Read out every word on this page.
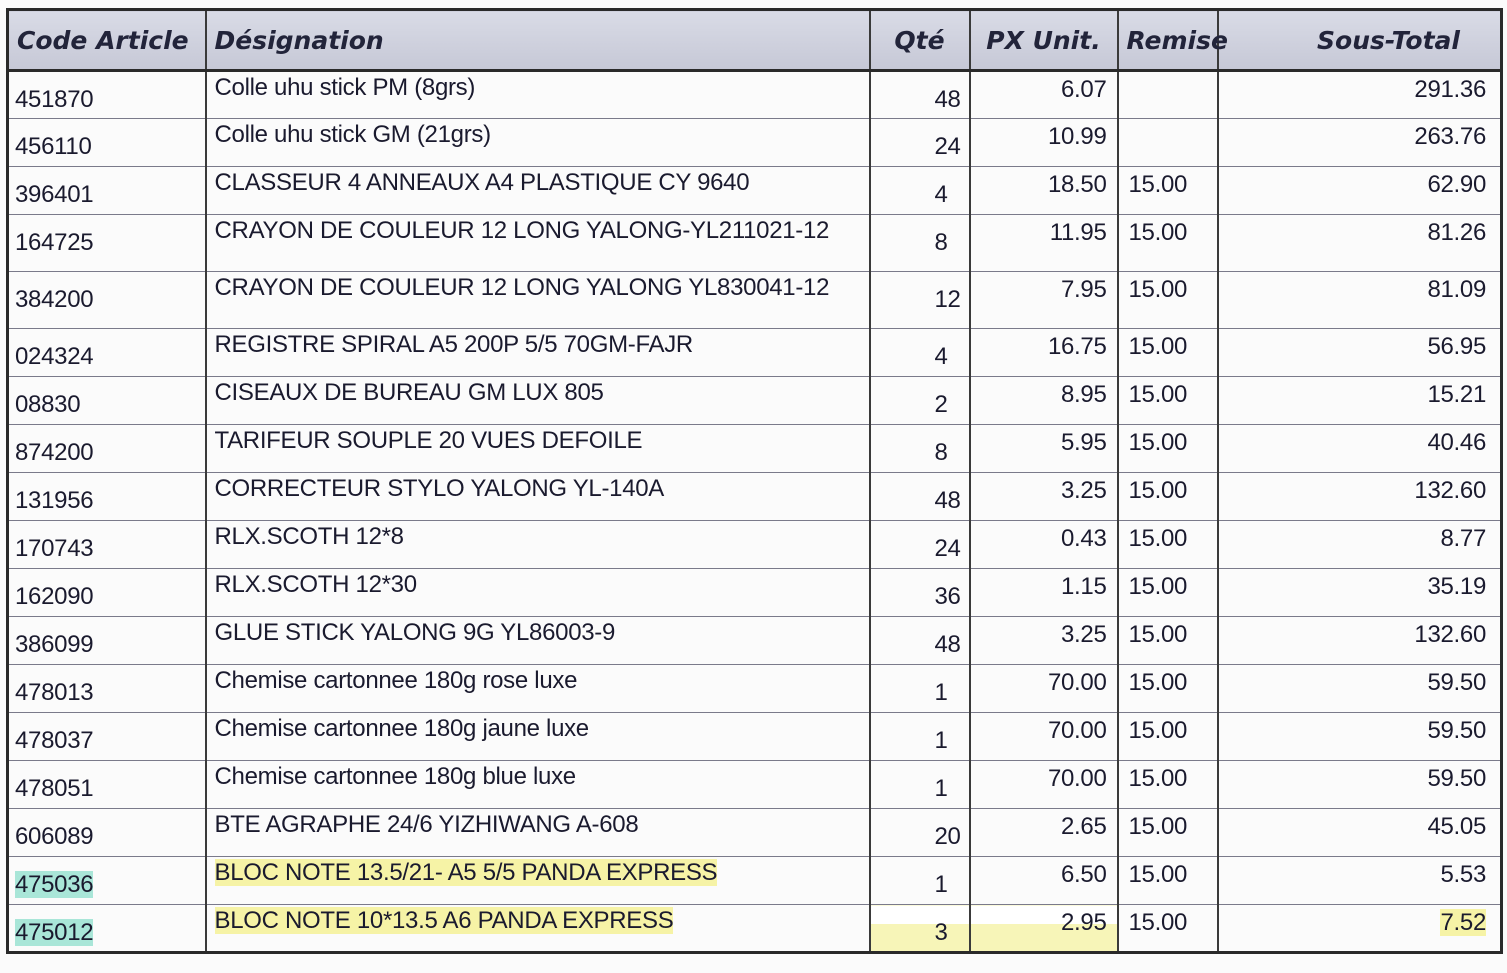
Code Article	Désignation	Qté	PX Unit.	Remise	Sous-Total
451870	Colle uhu stick PM (8grs)	48	6.07		291.36
456110	Colle uhu stick GM (21grs)	24	10.99		263.76
396401	CLASSEUR 4 ANNEAUX A4 PLASTIQUE CY 9640	4	18.50	15.00	62.90
164725	CRAYON DE COULEUR 12 LONG YALONG-YL211021-12	8	11.95	15.00	81.26
384200	CRAYON DE COULEUR 12 LONG YALONG YL830041-12	12	7.95	15.00	81.09
024324	REGISTRE SPIRAL A5 200P 5/5 70GM-FAJR	4	16.75	15.00	56.95
08830	CISEAUX DE BUREAU GM LUX 805	2	8.95	15.00	15.21
874200	TARIFEUR SOUPLE 20 VUES DEFOILE	8	5.95	15.00	40.46
131956	CORRECTEUR STYLO YALONG YL-140A	48	3.25	15.00	132.60
170743	RLX.SCOTH 12*8	24	0.43	15.00	8.77
162090	RLX.SCOTH 12*30	36	1.15	15.00	35.19
386099	GLUE STICK YALONG 9G YL86003-9	48	3.25	15.00	132.60
478013	Chemise cartonnee 180g rose luxe	1	70.00	15.00	59.50
478037	Chemise cartonnee 180g jaune luxe	1	70.00	15.00	59.50
478051	Chemise cartonnee 180g blue luxe	1	70.00	15.00	59.50
606089	BTE AGRAPHE 24/6 YIZHIWANG A-608	20	2.65	15.00	45.05
475036	BLOC NOTE 13.5/21- A5 5/5 PANDA EXPRESS	1	6.50	15.00	5.53
475012	BLOC NOTE 10*13.5 A6 PANDA EXPRESS	3	2.95	15.00	7.52
